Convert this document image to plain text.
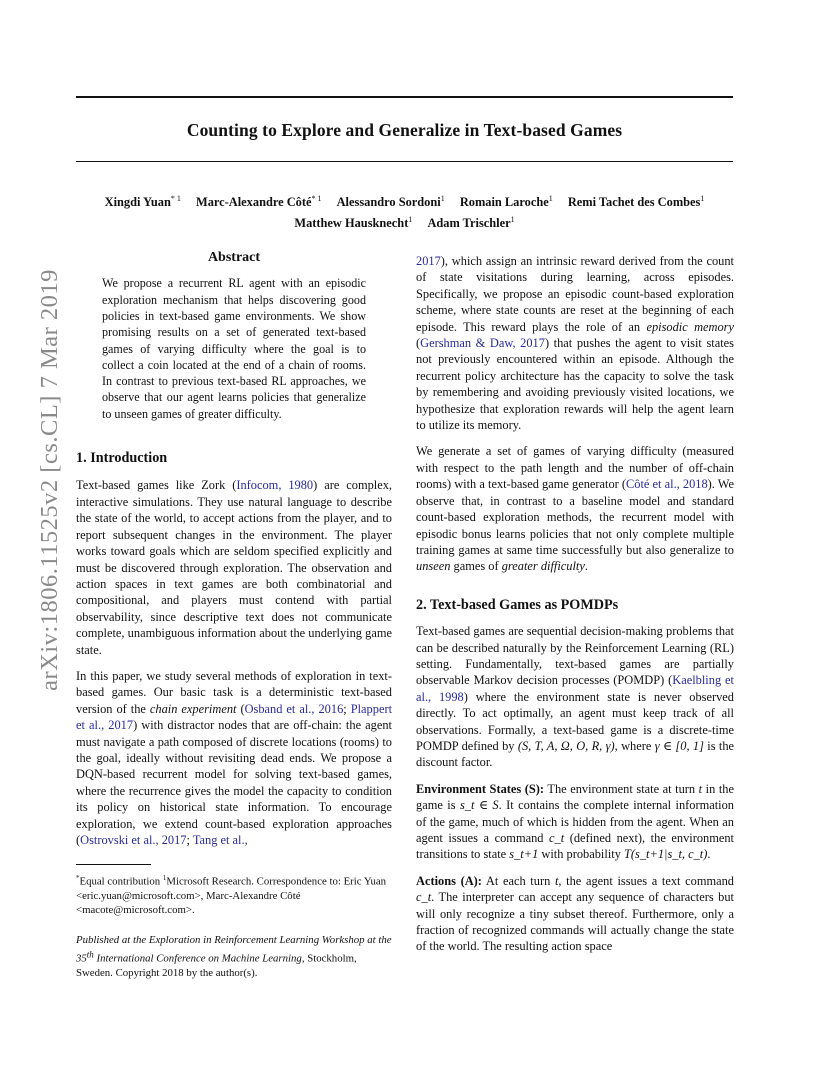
Counting to Explore and Generalize in Text-based Games
Xingdi Yuan$^{* 1}$ Marc-Alexandre Côté$^{* 1}$ Alessandro Sordoni$^1$ Romain Laroche$^1$ Remi Tachet des Combes$^1$
Matthew Hausknecht$^1$ Adam Trischler$^1$
arXiv:1806.11525v2 [cs.CL] 7 Mar 2019
Abstract
We propose a recurrent RL agent with an episodic exploration mechanism that helps discovering good policies in text-based game environments. We show promising results on a set of generated text-based games of varying difficulty where the goal is to collect a coin located at the end of a chain of rooms. In contrast to previous text-based RL approaches, we observe that our agent learns policies that generalize to unseen games of greater difficulty.
1. Introduction

Text-based games like Zork (Infocom, 1980) are complex, interactive simulations. They use natural language to describe the state of the world, to accept actions from the player, and to report subsequent changes in the environment. The player works toward goals which are seldom specified explicitly and must be discovered through exploration. The observation and action spaces in text games are both combinatorial and compositional, and players must contend with partial observability, since descriptive text does not communicate complete, unambiguous information about the underlying game state.

In this paper, we study several methods of exploration in text-based games. Our basic task is a deterministic text-based version of the chain experiment (Osband et al., 2016; Plappert et al., 2017) with distractor nodes that are off-chain: the agent must navigate a path composed of discrete locations (rooms) to the goal, ideally without revisiting dead ends. We propose a DQN-based recurrent model for solving text-based games, where the recurrence gives the model the capacity to condition its policy on historical state information. To encourage exploration, we extend count-based exploration approaches (Ostrovski et al., 2017; Tang et al.,

*Equal contribution $^1$Microsoft Research. Correspondence to: Eric Yuan <eric.yuan@microsoft.com>, Marc-Alexandre Côté <macote@microsoft.com>.

Published at the Exploration in Reinforcement Learning Workshop at the 35th International Conference on Machine Learning, Stockholm, Sweden. Copyright 2018 by the author(s).

2017), which assign an intrinsic reward derived from the count of state visitations during learning, across episodes. Specifically, we propose an episodic count-based exploration scheme, where state counts are reset at the beginning of each episode. This reward plays the role of an episodic memory (Gershman & Daw, 2017) that pushes the agent to visit states not previously encountered within an episode. Although the recurrent policy architecture has the capacity to solve the task by remembering and avoiding previously visited locations, we hypothesize that exploration rewards will help the agent learn to utilize its memory.

We generate a set of games of varying difficulty (measured with respect to the path length and the number of off-chain rooms) with a text-based game generator (Côté et al., 2018). We observe that, in contrast to a baseline model and standard count-based exploration methods, the recurrent model with episodic bonus learns policies that not only complete multiple training games at same time successfully but also generalize to unseen games of greater difficulty.

2. Text-based Games as POMDPs

Text-based games are sequential decision-making problems that can be described naturally by the Reinforcement Learning (RL) setting. Fundamentally, text-based games are partially observable Markov decision processes (POMDP) (Kaelbling et al., 1998) where the environment state is never observed directly. To act optimally, an agent must keep track of all observations. Formally, a text-based game is a discrete-time POMDP defined by (S, T, A, Ω, O, R, γ), where γ ∈ [0, 1] is the discount factor.

Environment States (S): The environment state at turn t in the game is s_t ∈ S. It contains the complete internal information of the game, much of which is hidden from the agent. When an agent issues a command c_t (defined next), the environment transitions to state s_t+1 with probability T(s_t+1|s_t, c_t).

Actions (A): At each turn t, the agent issues a text command c_t. The interpreter can accept any sequence of characters but will only recognize a tiny subset thereof. Furthermore, only a fraction of recognized commands will actually change the state of the world. The resulting action space
